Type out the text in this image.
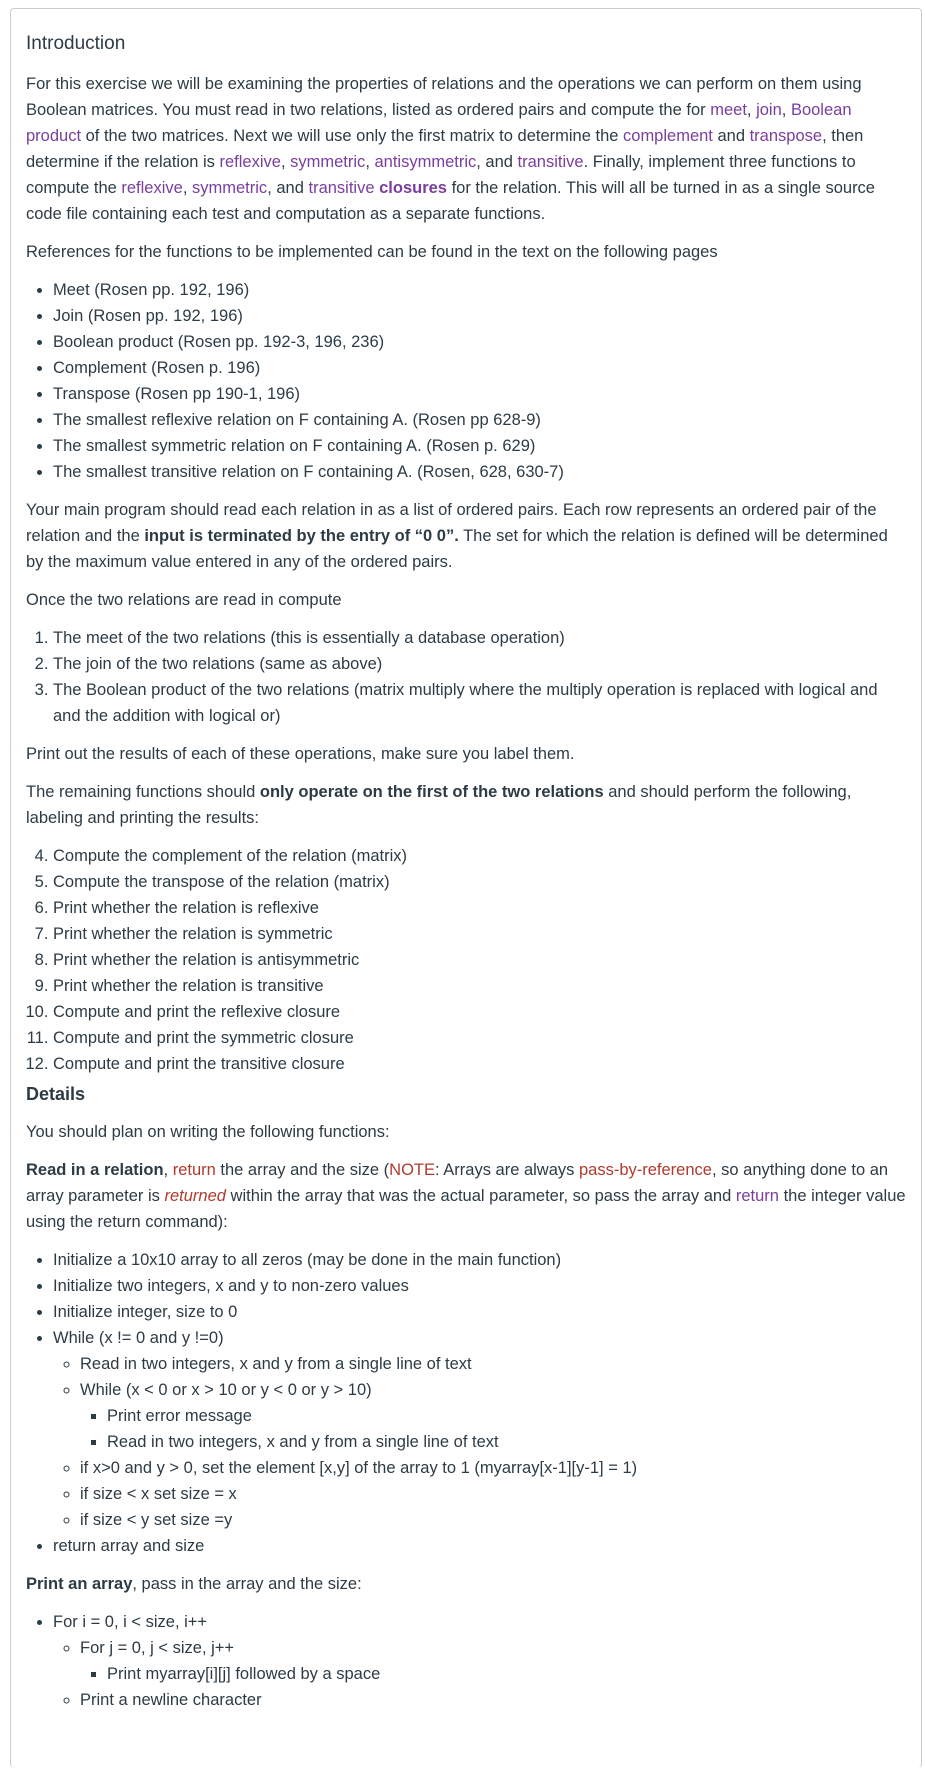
Introduction

For this exercise we will be examining the properties of relations and the operations we can perform on them using Boolean matrices. You must read in two relations, listed as ordered pairs and compute the for meet, join, Boolean product of the two matrices. Next we will use only the first matrix to determine the complement and transpose, then determine if the relation is reflexive, symmetric, antisymmetric, and transitive. Finally, implement three functions to compute the reflexive, symmetric, and transitive closures for the relation. This will all be turned in as a single source code file containing each test and computation as a separate functions.

References for the functions to be implemented can be found in the text on the following pages

• Meet (Rosen pp. 192, 196)
• Join (Rosen pp. 192, 196)
• Boolean product (Rosen pp. 192-3, 196, 236)
• Complement (Rosen p. 196)
• Transpose (Rosen pp 190-1, 196)
• The smallest reflexive relation on F containing A. (Rosen pp 628-9)
• The smallest symmetric relation on F containing A. (Rosen p. 629)
• The smallest transitive relation on F containing A. (Rosen, 628, 630-7)

Your main program should read each relation in as a list of ordered pairs. Each row represents an ordered pair of the relation and the input is terminated by the entry of “0 0”. The set for which the relation is defined will be determined by the maximum value entered in any of the ordered pairs.

Once the two relations are read in compute

1. The meet of the two relations (this is essentially a database operation)
2. The join of the two relations (same as above)
3. The Boolean product of the two relations (matrix multiply where the multiply operation is replaced with logical and and the addition with logical or)

Print out the results of each of these operations, make sure you label them.

The remaining functions should only operate on the first of the two relations and should perform the following, labeling and printing the results:

4. Compute the complement of the relation (matrix)
5. Compute the transpose of the relation (matrix)
6. Print whether the relation is reflexive
7. Print whether the relation is symmetric
8. Print whether the relation is antisymmetric
9. Print whether the relation is transitive
10. Compute and print the reflexive closure
11. Compute and print the symmetric closure
12. Compute and print the transitive closure
Details

You should plan on writing the following functions:

Read in a relation, return the array and the size (NOTE: Arrays are always pass-by-reference, so anything done to an array parameter is returned within the array that was the actual parameter, so pass the array and return the integer value using the return command):

• Initialize a 10x10 array to all zeros (may be done in the main function)
• Initialize two integers, x and y to non-zero values
• Initialize integer, size to 0
• While (x != 0 and y !=0)
◦ Read in two integers, x and y from a single line of text
◦ While (x < 0 or x > 10 or y < 0 or y > 10)
▪ Print error message
▪ Read in two integers, x and y from a single line of text
◦ if x>0 and y > 0, set the element [x,y] of the array to 1 (myarray[x-1][y-1] = 1)
◦ if size < x set size = x
◦ if size < y set size =y
• return array and size

Print an array, pass in the array and the size:

• For i = 0, i < size, i++
◦ For j = 0, j < size, j++
▪ Print myarray[i][j] followed by a space
◦ Print a newline character
